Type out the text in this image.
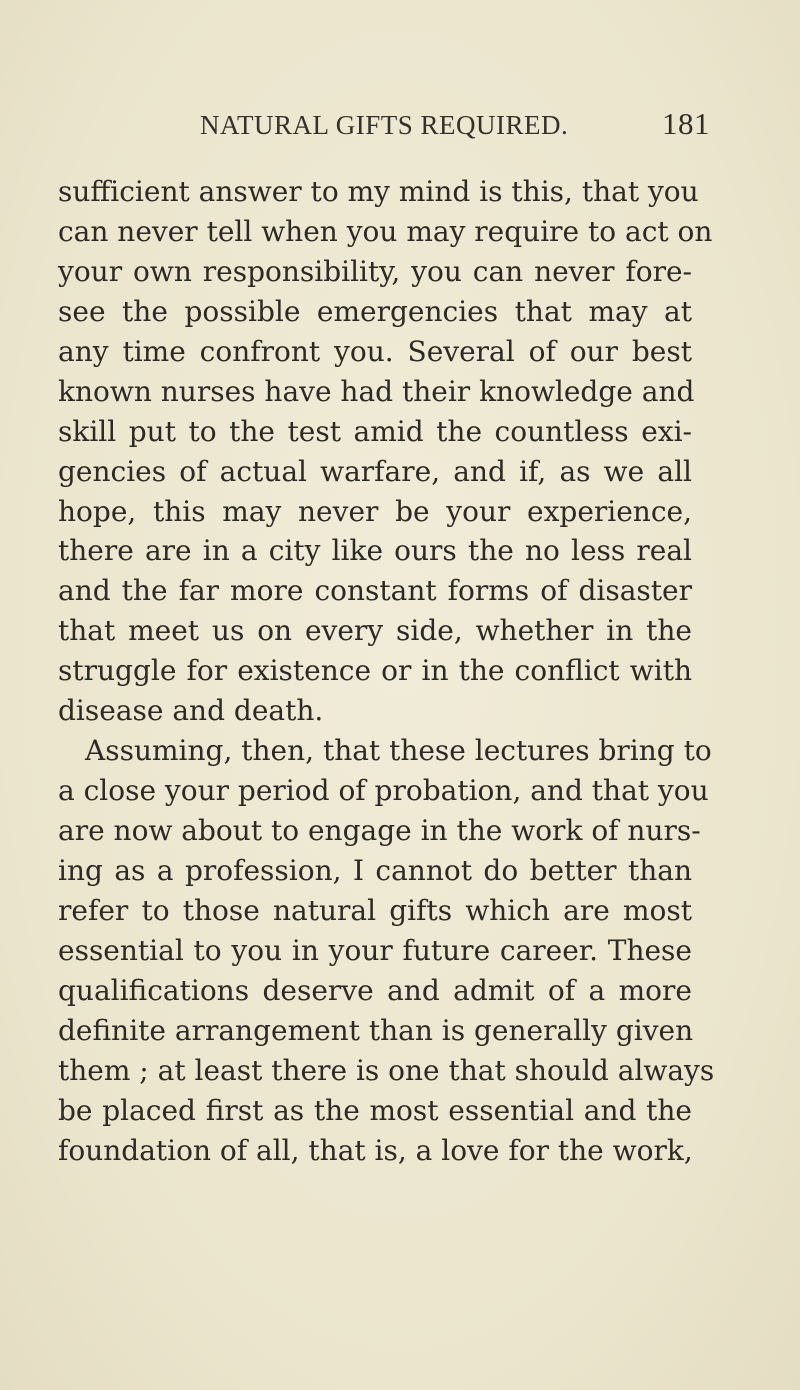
NATURAL GIFTS REQUIRED.	181
sufficient answer to my mind is this, that you
can never tell when you may require to act on
your own responsibility, you can never fore-
see the possible emergencies that may at
any time confront you. Several of our best
known nurses have had their knowledge and
skill put to the test amid the countless exi-
gencies of actual warfare, and if, as we all
hope, this may never be your experience,
there are in a city like ours the no less real
and the far more constant forms of disaster
that meet us on every side, whether in the
struggle for existence or in the conflict with
disease and death.
Assuming, then, that these lectures bring to
a close your period of probation, and that you
are now about to engage in the work of nurs-
ing as a profession, I cannot do better than
refer to those natural gifts which are most
essential to you in your future career. These
qualifications deserve and admit of a more
definite arrangement than is generally given
them ; at least there is one that should always
be placed first as the most essential and the
foundation of all, that is, a love for the work,
